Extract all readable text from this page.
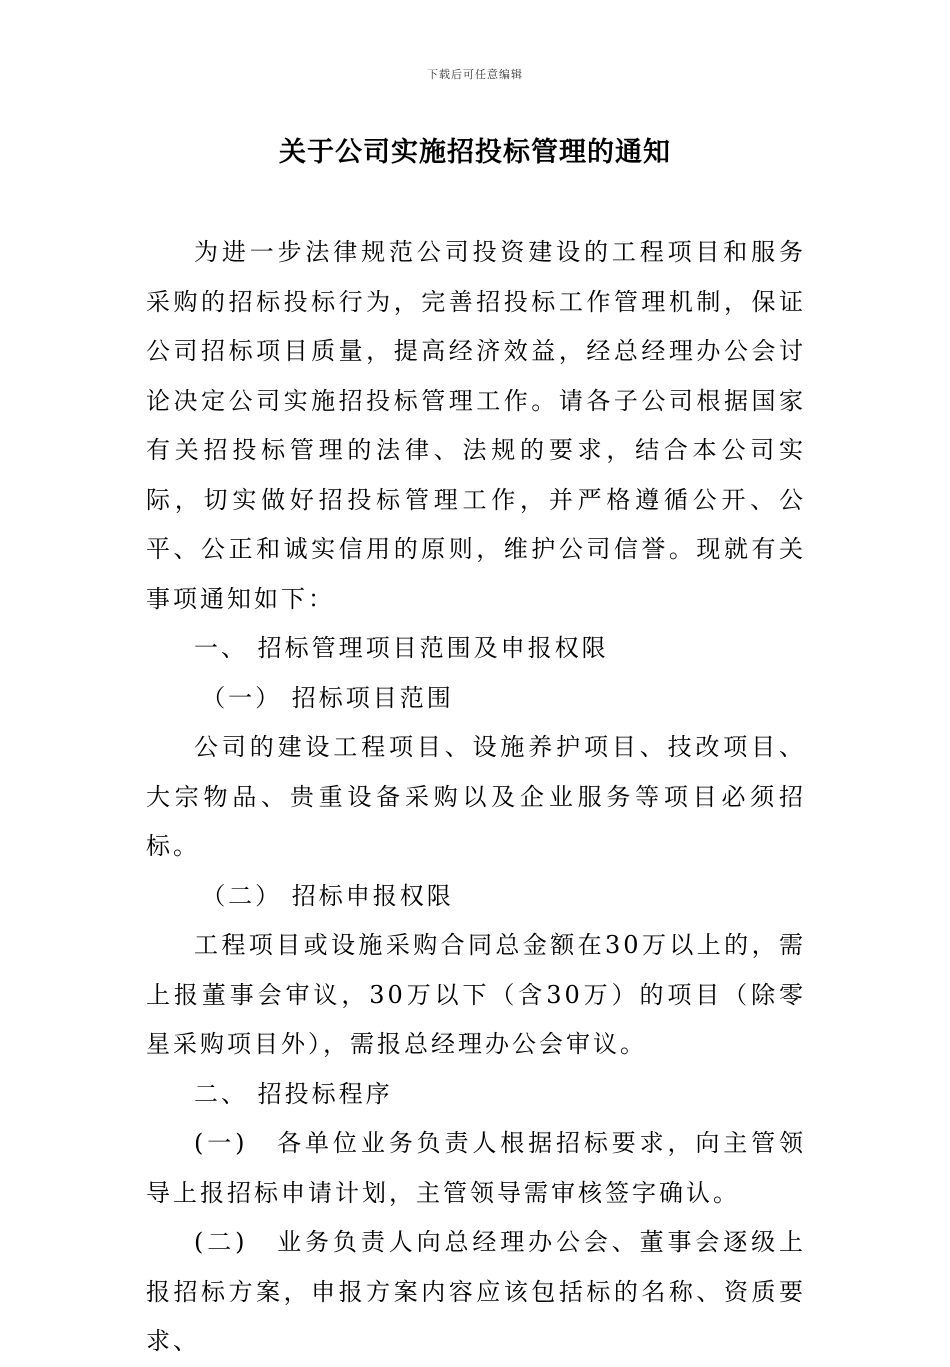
下载后可任意编辑
关于公司实施招投标管理的通知

为进一步法律规范公司投资建设的工程项目和服务采购的招标投标行为，完善招投标工作管理机制，保证公司招标项目质量，提高经济效益，经总经理办公会讨论决定公司实施招投标管理工作。请各子公司根据国家有关招投标管理的法律、法规的要求，结合本公司实际，切实做好招投标管理工作，并严格遵循公开、公平、公正和诚实信用的原则，维护公司信誉。现就有关事项通知如下：

一、 招标管理项目范围及申报权限

（一） 招标项目范围

公司的建设工程项目、设施养护项目、技改项目、大宗物品、贵重设备采购以及企业服务等项目必须招标。

（二） 招标申报权限

工程项目或设施采购合同总金额在30万以上的，需上报董事会审议，30万以下（含30万）的项目（除零星采购项目外），需报总经理办公会审议。

二、 招投标程序

(一) 各单位业务负责人根据招标要求，向主管领导上报招标申请计划，主管领导需审核签字确认。

(二) 业务负责人向总经理办公会、董事会逐级上报招标方案，申报方案内容应该包括标的名称、资质要求、
